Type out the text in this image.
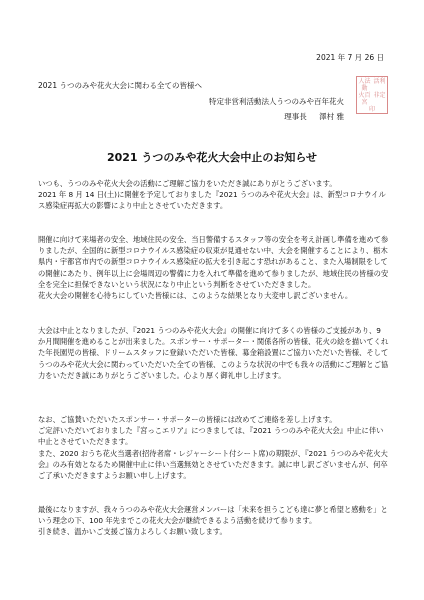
2021 年 7 月 26 日

2021 うつのみや花火大会に関わる全ての皆様へ

特定非営利活動法人うつのみや百年花火

理事長 澤村 雅

人法動
活利
火百宮
非定
印
2021 うつのみや花火大会中止のお知らせ

いつも、うつのみや花火大会の活動にご理解ご協力をいただき誠にありがとうございます。
2021 年 8 月 14 日(土)に開催を予定しておりました『2021 うつのみや花火大会』は、新型コロナウイルス感染症再拡大の影響により中止とさせていただきます。

開催に向けて来場者の安全、地域住民の安全、当日警備するスタッフ等の安全を考え計画し準備を進めて参りましたが、全国的に新型コロナウイルス感染症の収束が見通せない中、大会を開催することにより、栃木県内・宇都宮市内での新型コロナウイルス感染症の拡大を引き起こす恐れがあること、また入場制限をしての開催にあたり、例年以上に会場周辺の警備に力を入れて準備を進めて参りましたが、地域住民の皆様の安全を完全に担保できないという状況になり中止という判断をさせていただきました。
花火大会の開催を心待ちにしていた皆様には、このような結果となり大変申し訳ございません。

大会は中止となりましたが、『2021 うつのみや花火大会』の開催に向けて多くの皆様のご支援があり、9 か月間開催を進めることが出来ました。スポンサー・サポーター・関係各所の皆様、花火の絵を描いてくれた年長園児の皆様、ドリームスタッフに登録いただいた皆様、募金箱設置にご協力いただいた皆様、そしてうつのみや花火大会に関わっていただいた全ての皆様、このような状況の中でも我々の活動にご理解とご協力をいただき誠にありがとうございました。心より厚く御礼申し上げます。

なお、ご協賛いただいたスポンサー・サポーターの皆様には改めてご連絡を差し上げます。
ご定評いただいておりました『宮っこエリア』につきましては、『2021 うつのみや花火大会』中止に伴い中止とさせていただきます。
また、2020 おうち花火当選者(招待者席・レジャーシート付シート席)の期限が、『2021 うつのみや花火大会』のみ有効となるため開催中止に伴い当選無効とさせていただきます。誠に申し訳ございませんが、何卒ご了承いただきますようお願い申し上げます。

最後になりますが、我々うつのみや花火大会運営メンバーは「未来を担うこども達に夢と希望と感動を」という理念の下、100 年先までこの花火大会が継続できるよう活動を続けて参ります。
引き続き、温かいご支援ご協力よろしくお願い致します。
